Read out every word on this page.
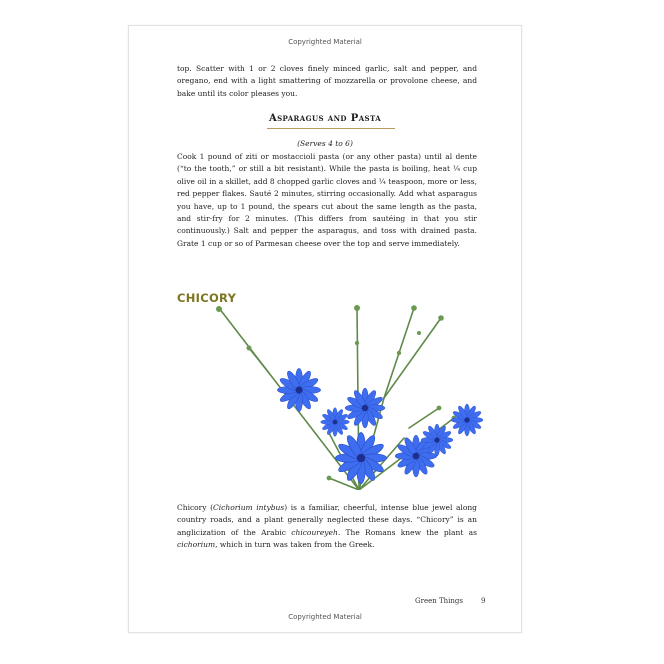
Copyrighted Material

top. Scatter with 1 or 2 cloves finely minced garlic, salt and pepper, and oregano, end with a light smattering of mozzarella or provolone cheese, and bake until its color pleases you.

Asparagus and Pasta
(Serves 4 to 6)

Cook 1 pound of ziti or mostaccioli pasta (or any other pasta) until al dente (“to the tooth,” or still a bit resistant). While the pasta is boiling, heat ¼ cup olive oil in a skillet, add 8 chopped garlic cloves and ¼ teaspoon, more or less, red pepper flakes. Sauté 2 minutes, stirring occasionally. Add what asparagus you have, up to 1 pound, the spears cut about the same length as the pasta, and stir-fry for 2 minutes. (This differs from sautéing in that you stir continuously.) Salt and pepper the asparagus, and toss with drained pasta. Grate 1 cup or so of Parmesan cheese over the top and serve immediately.

CHICORY

Chicory (Cichorium intybus) is a familiar, cheerful, intense blue jewel along country roads, and a plant generally neglected these days. “Chicory” is an anglicization of the Arabic chicoureyeh. The Romans knew the plant as cichorium, which in turn was taken from the Greek.

Green Things	9
Copyrighted Material
